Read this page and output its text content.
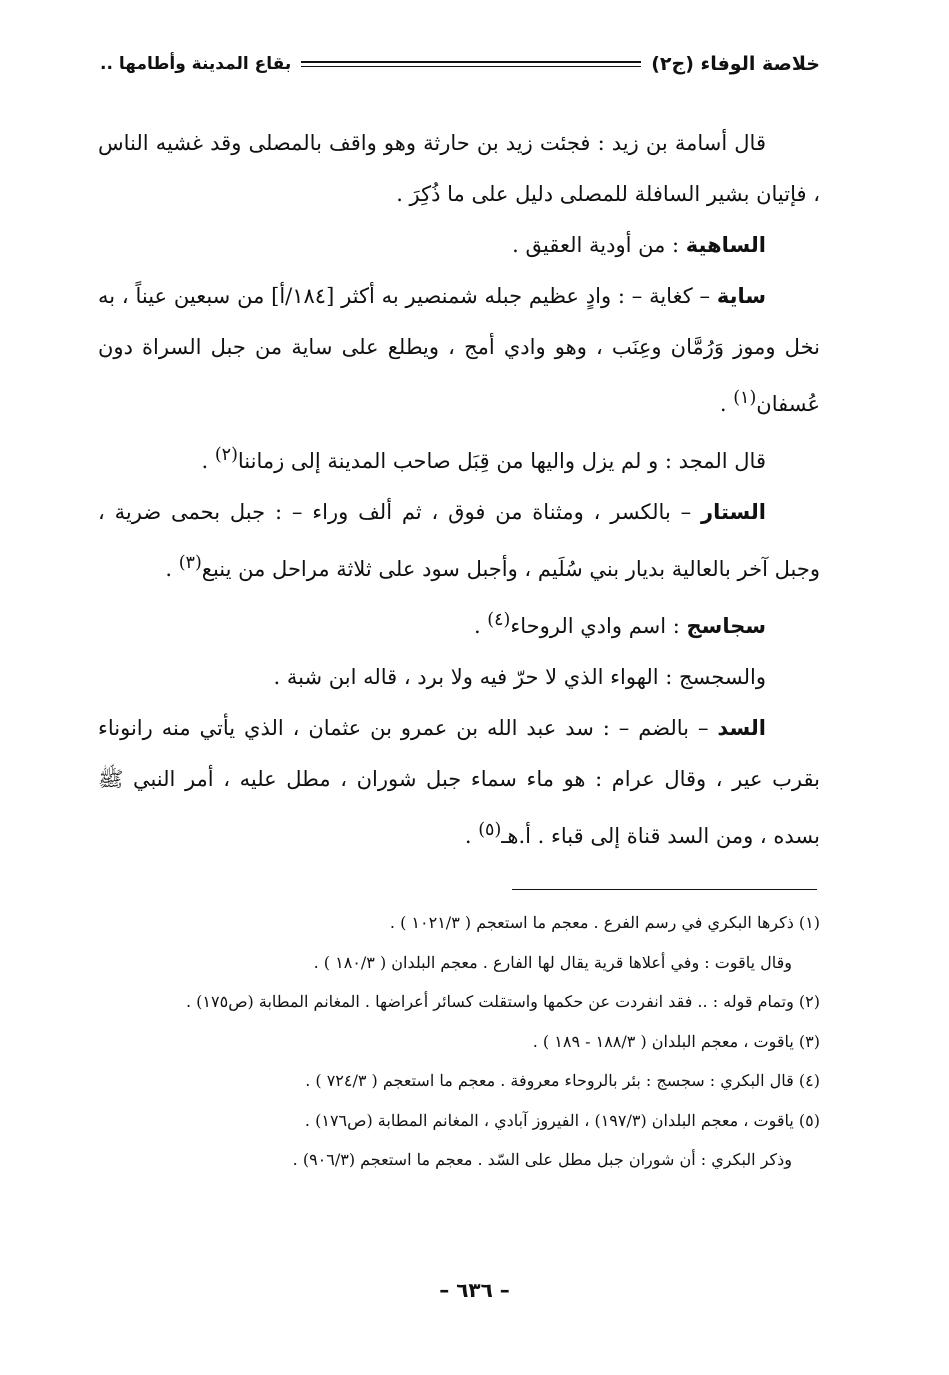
خلاصة الوفاء (ج٢)
بقاع المدينة وأطامها ..

قال أسامة بن زيد : فجئت زيد بن حارثة وهو واقف بالمصلى وقد غشيه الناس ، فإتيان بشير السافلة للمصلى دليل على ما ذُكِرَ .

الساهية : من أودية العقيق .

ساية – كغاية – : وادٍ عظيم جبله شمنصير به أكثر [١٨٤/أ] من سبعين عيناً ، به نخل وموز وَرُمَّان وعِنَب ، وهو وادي أمج ، ويطلع على ساية من جبل السراة دون عُسفان$^{(١)}$ .

قال المجد : و لم يزل واليها من قِبَل صاحب المدينة إلى زماننا$^{(٢)}$ .

الستار – بالكسر ، ومثناة من فوق ، ثم ألف وراء – : جبل بحمى ضرية ، وجبل آخر بالعالية بديار بني سُلَيم ، وأجبل سود على ثلاثة مراحل من ينبع$^{(٣)}$ .

سجاسج : اسم وادي الروحاء$^{(٤)}$ .

والسجسج : الهواء الذي لا حرّ فيه ولا برد ، قاله ابن شبة .

السد – بالضم – : سد عبد الله بن عمرو بن عثمان ، الذي يأتي منه رانوناء بقرب عير ، وقال عرام : هو ماء سماء جبل شوران ، مطل عليه ، أمر النبي ﷺ بسده ، ومن السد قناة إلى قباء . أ.هـ$^{(٥)}$ .

(١) ذكرها البكري في رسم الفرع . معجم ما استعجم ( ١٠٢١/٣ ) .
وقال ياقوت : وفي أعلاها قرية يقال لها الفارع . معجم البلدان ( ١٨٠/٣ ) .
(٢) وتمام قوله : .. فقد انفردت عن حكمها واستقلت كسائر أعراضها . المغانم المطابة (ص١٧٥) .
(٣) ياقوت ، معجم البلدان ( ١٨٨/٣ - ١٨٩ ) .
(٤) قال البكري : سجسج : بئر بالروحاء معروفة . معجم ما استعجم ( ٧٢٤/٣ ) .
(٥) ياقوت ، معجم البلدان (١٩٧/٣) ، الفيروز آبادي ، المغانم المطابة (ص١٧٦) .
وذكر البكري : أن شوران جبل مطل على السّد . معجم ما استعجم (٩٠٦/٣) .
– ٦٣٦ –
